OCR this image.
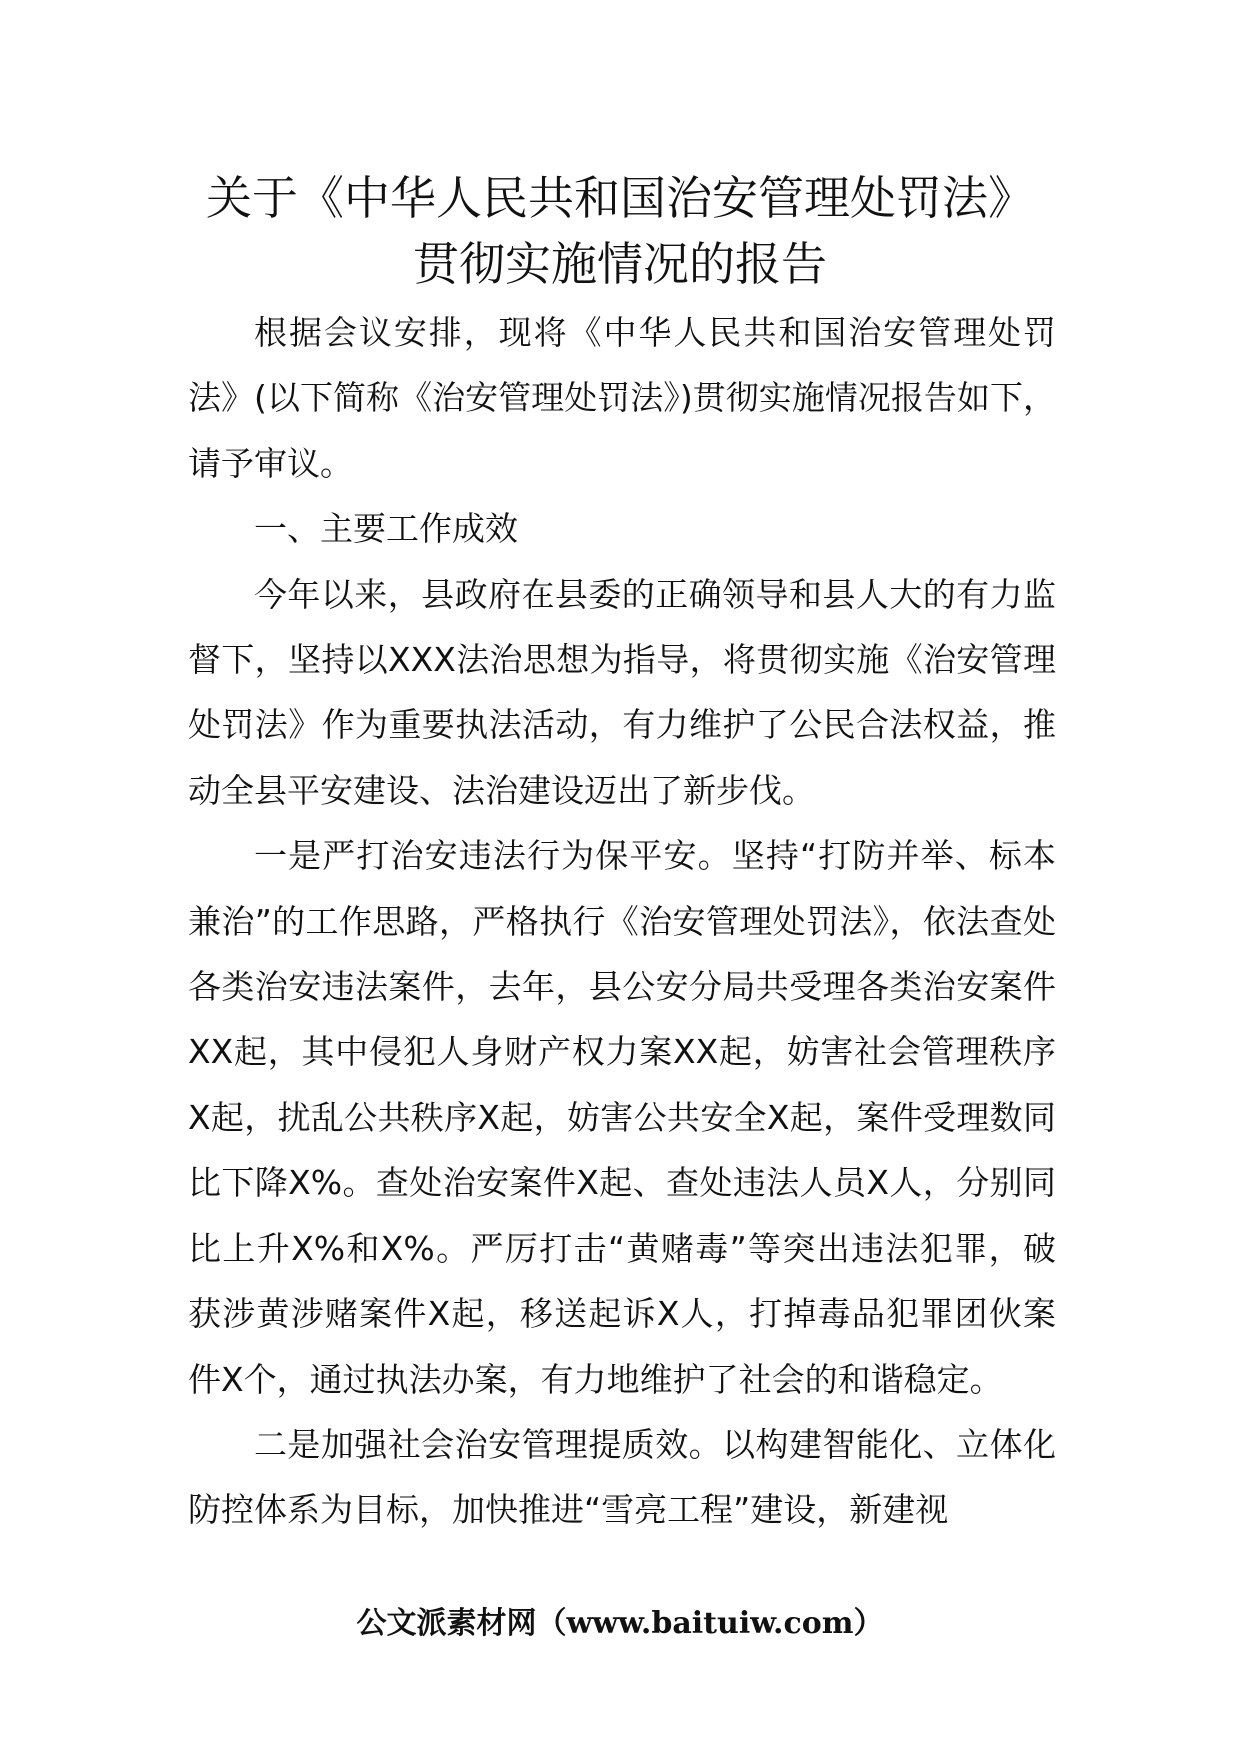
关于《中华人民共和国治安管理处罚法》
贯彻实施情况的报告

根据会议安排，现将《中华人民共和国治安管理处罚法》(以下简称《治安管理处罚法》)贯彻实施情况报告如下，请予审议。

一、主要工作成效

今年以来，县政府在县委的正确领导和县人大的有力监督下，坚持以XXX法治思想为指导，将贯彻实施《治安管理处罚法》作为重要执法活动，有力维护了公民合法权益，推动全县平安建设、法治建设迈出了新步伐。

一是严打治安违法行为保平安。坚持“打防并举、标本兼治”的工作思路，严格执行《治安管理处罚法》，依法查处各类治安违法案件，去年，县公安分局共受理各类治安案件XX起，其中侵犯人身财产权力案XX起，妨害社会管理秩序X起，扰乱公共秩序X起，妨害公共安全X起，案件受理数同比下降X%。查处治安案件X起、查处违法人员X人，分别同比上升X%和X%。严厉打击“黄赌毒”等突出违法犯罪，破获涉黄涉赌案件X起，移送起诉X人，打掉毒品犯罪团伙案件X个，通过执法办案，有力地维护了社会的和谐稳定。

二是加强社会治安管理提质效。以构建智能化、立体化防控体系为目标，加快推进“雪亮工程”建设，新建视

公文派素材网（www.baituiw.com）
